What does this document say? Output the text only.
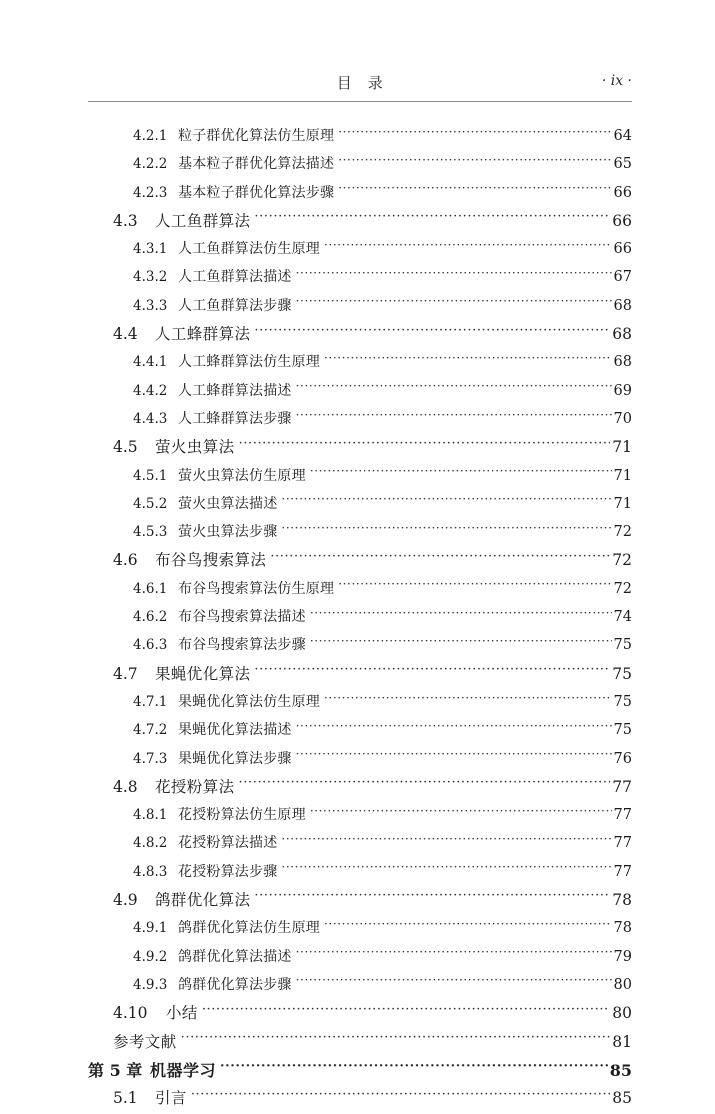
目　录	· ix ·
4.2.1 粒子群优化算法仿生原理 ·····	64
4.2.2 基本粒子群优化算法描述 ·····	65
4.2.3 基本粒子群优化算法步骤 ·····	66
4.3	人工鱼群算法 ·····	66
4.3.1 人工鱼群算法仿生原理 ·····	66
4.3.2 人工鱼群算法描述 ·····	67
4.3.3 人工鱼群算法步骤 ·····	68
4.4	人工蜂群算法 ·····	68
4.4.1 人工蜂群算法仿生原理 ·····	68
4.4.2 人工蜂群算法描述 ·····	69
4.4.3 人工蜂群算法步骤 ·····	70
4.5	萤火虫算法 ·····	71
4.5.1 萤火虫算法仿生原理 ·····	71
4.5.2 萤火虫算法描述 ·····	71
4.5.3 萤火虫算法步骤 ·····	72
4.6	布谷鸟搜索算法 ·····	72
4.6.1 布谷鸟搜索算法仿生原理 ·····	72
4.6.2 布谷鸟搜索算法描述 ·····	74
4.6.3 布谷鸟搜索算法步骤 ·····	75
4.7	果蝇优化算法 ·····	75
4.7.1 果蝇优化算法仿生原理 ·····	75
4.7.2 果蝇优化算法描述 ·····	75
4.7.3 果蝇优化算法步骤 ·····	76
4.8	花授粉算法 ·····	77
4.8.1 花授粉算法仿生原理 ·····	77
4.8.2 花授粉算法描述 ·····	77
4.8.3 花授粉算法步骤 ·····	77
4.9	鸽群优化算法 ·····	78
4.9.1 鸽群优化算法仿生原理 ·····	78
4.9.2 鸽群优化算法描述 ·····	79
4.9.3 鸽群优化算法步骤 ·····	80
4.10	小结 ·····	80
参考文献 ·····	81
第 5 章 机器学习 ·····	85
5.1	引言 ·····	85
